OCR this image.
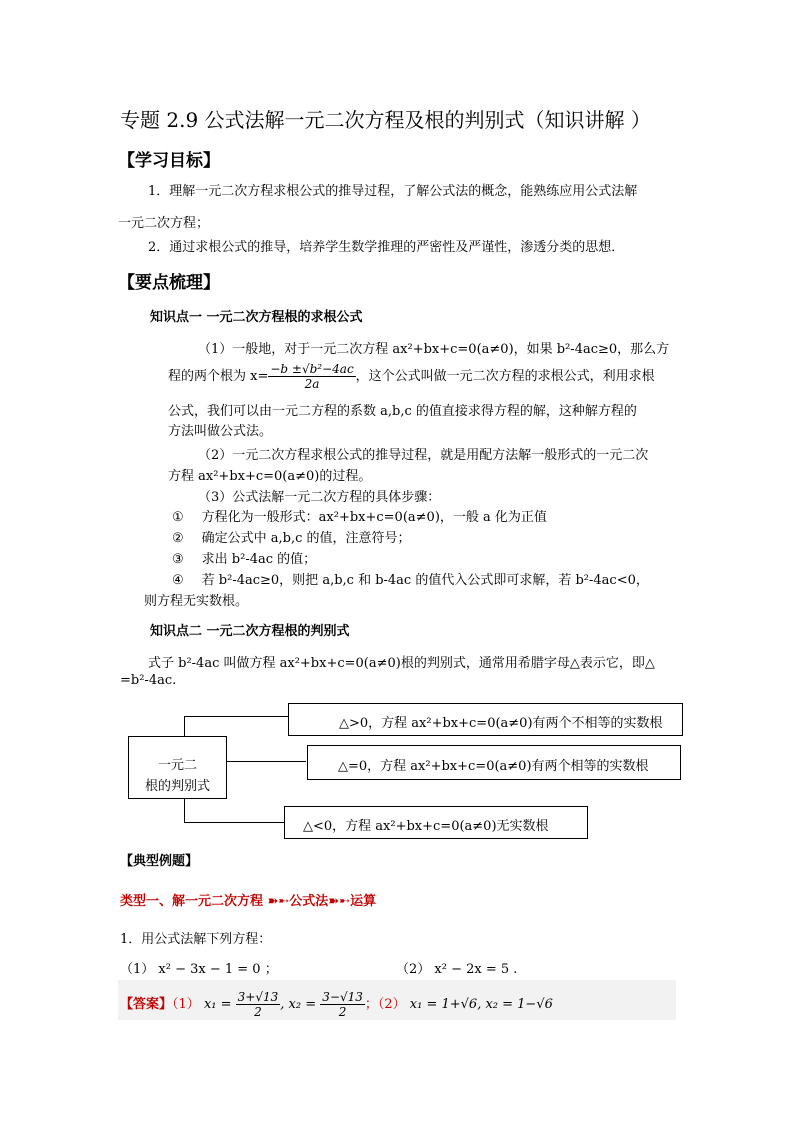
专题 2.9 公式法解一元二次方程及根的判别式（知识讲解 ）
【学习目标】
1．理解一元二次方程求根公式的推导过程，了解公式法的概念，能熟练应用公式法解
一元二次方程；
2．通过求根公式的推导，培养学生数学推理的严密性及严谨性，渗透分类的思想．
【要点梳理】
知识点一 一元二次方程根的求根公式
（1）一般地，对于一元二次方程 ax²+bx+c=0(a≠0)，如果 b²-4ac≥0，那么方
程的两个根为 $x= \frac{\text{−b ±√b²−4ac}}{2a}$ ，这个公式叫做一元二次方程的求根公式，利用求根
公式，我们可以由一元二方程的系数 a,b,c 的值直接求得方程的解，这种解方程的
方法叫做公式法。
（2）一元二次方程求根公式的推导过程，就是用配方法解一般形式的一元二次
方程 ax²+bx+c=0(a≠0)的过程。
（3）公式法解一元二次方程的具体步骤：
① 方程化为一般形式：ax²+bx+c=0(a≠0)，一般 a 化为正值
② 确定公式中 a,b,c 的值，注意符号；
③ 求出 b²-4ac 的值；
④ 若 b²-4ac≥0，则把 a,b,c 和 b-4ac 的值代入公式即可求解，若 b²-4ac<0，
则方程无实数根。
知识点二 一元二次方程根的判别式
式子 b²-4ac 叫做方程 ax²+bx+c=0(a≠0)根的判别式，通常用希腊字母△表示它，即△
=b²-4ac.
一元二
根的判别式
△>0，方程 ax²+bx+c=0(a≠0)有两个不相等的实数根
△=0，方程 ax²+bx+c=0(a≠0)有两个相等的实数根
△<0，方程 ax²+bx+c=0(a≠0)无实数根
【典型例题】
类型一、解一元二次方程 ➽➸公式法➽➸运算
1．用公式法解下列方程：
（1） x² − 3x − 1 = 0 ；	（2） x² − 2x = 5 .
【答案】（1） $x_1 = \frac{3+√13}{2}$ , $x_2 = \frac{3-√13}{2}$ ；（2） x₁ = 1+√6, x₂ = 1−√6
